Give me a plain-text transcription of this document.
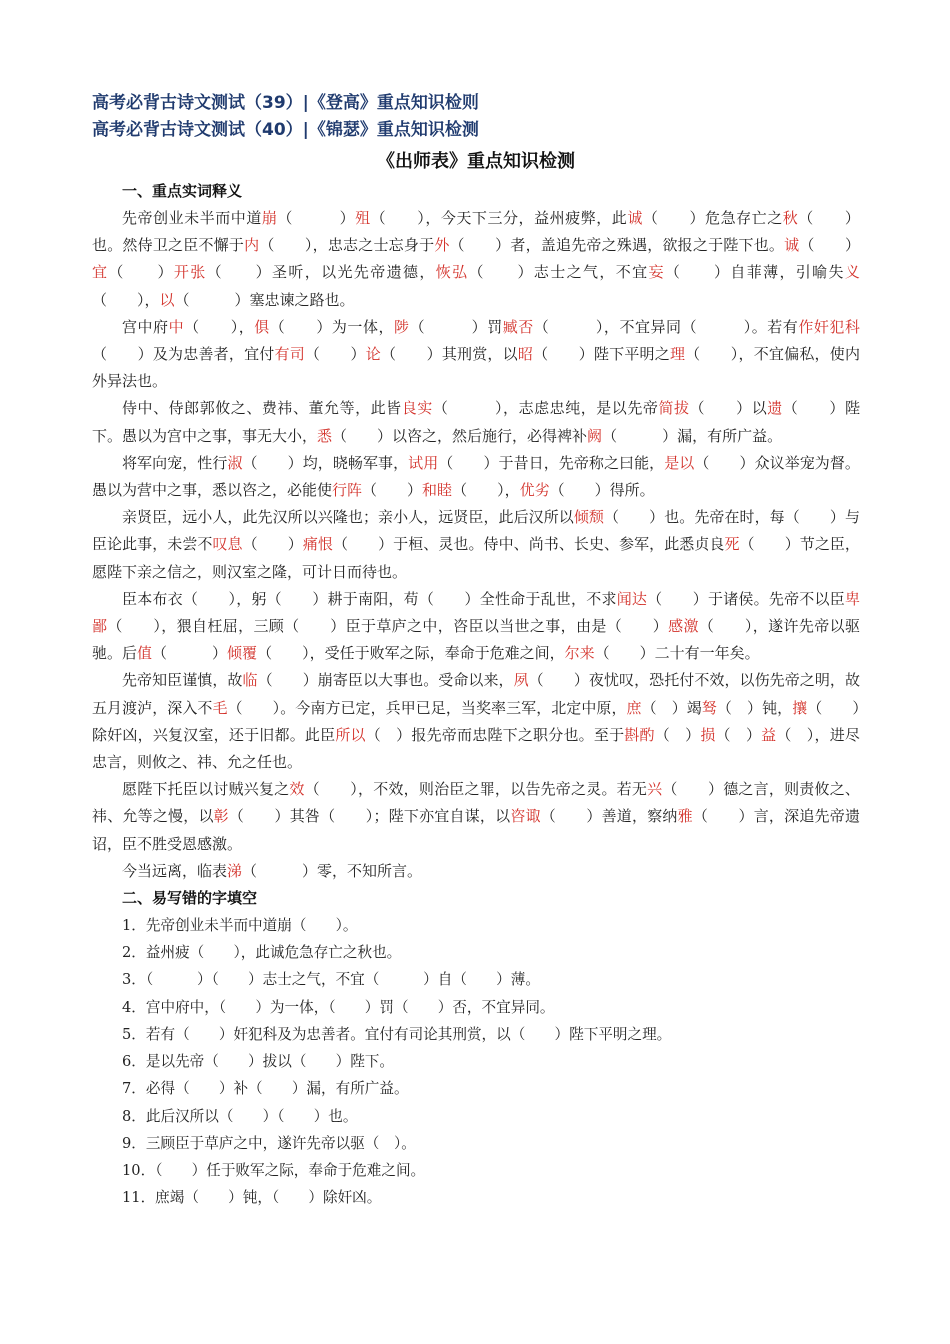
高考必背古诗文测试（39）|《登高》重点知识检则
高考必背古诗文测试（40）|《锦瑟》重点知识检测
《出师表》重点知识检测
一、重点实词释义

先帝创业未半而中道崩（　　　）殂（　　），今天下三分，益州疲弊，此诚（　　）危急存亡之秋（　　）也。然侍卫之臣不懈于内（　　），忠志之士忘身于外（　　）者，盖追先帝之殊遇，欲报之于陛下也。诚（　　）宜（　　）开张（　　）圣听，以光先帝遗德，恢弘（　　）志士之气，不宜妄（　　）自菲薄，引喻失义（　　），以（　　　）塞忠谏之路也。

宫中府中（　　），俱（　　）为一体，陟（　　　）罚臧否（　　　），不宜异同（　　　）。若有作奸犯科（　　）及为忠善者，宜付有司（　　）论（　　）其刑赏，以昭（　　）陛下平明之理（　　），不宜偏私，使内外异法也。

侍中、侍郎郭攸之、费祎、董允等，此皆良实（　　　），志虑忠纯，是以先帝简拔（　　）以遗（　　）陛下。愚以为宫中之事，事无大小，悉（　　）以咨之，然后施行，必得裨补阙（　　　）漏，有所广益。

将军向宠，性行淑（　　）均，晓畅军事，试用（　　）于昔日，先帝称之曰能，是以（　　）众议举宠为督。愚以为营中之事，悉以咨之，必能使行阵（　　）和睦（　　），优劣（　　）得所。

亲贤臣，远小人，此先汉所以兴隆也；亲小人，远贤臣，此后汉所以倾颓（　　）也。先帝在时，每（　　）与臣论此事，未尝不叹息（　　）痛恨（　　）于桓、灵也。侍中、尚书、长史、参军，此悉贞良死（　　）节之臣，愿陛下亲之信之，则汉室之隆，可计日而待也。

臣本布衣（　　），躬（　　）耕于南阳，苟（　　）全性命于乱世，不求闻达（　　）于诸侯。先帝不以臣卑鄙（　　），猥自枉屈，三顾（　　）臣于草庐之中，咨臣以当世之事，由是（　　）感激（　　），遂许先帝以驱驰。后值（　　　）倾覆（　　），受任于败军之际，奉命于危难之间，尔来（　　）二十有一年矣。

先帝知臣谨慎，故临（　　）崩寄臣以大事也。受命以来，夙（　　）夜忧叹，恐托付不效，以伤先帝之明，故五月渡泸，深入不毛（　　）。今南方已定，兵甲已足，当奖率三军，北定中原，庶（　）竭驽（　）钝，攘（　　）除奸凶，兴复汉室，还于旧都。此臣所以（　）报先帝而忠陛下之职分也。至于斟酌（　）损（　）益（　），进尽忠言，则攸之、祎、允之任也。

愿陛下托臣以讨贼兴复之效（　　），不效，则治臣之罪，以告先帝之灵。若无兴（　　）德之言，则责攸之、祎、允等之慢，以彰（　　）其咎（　　）；陛下亦宜自谋，以咨诹（　　）善道，察纳雅（　　）言，深追先帝遗诏，臣不胜受恩感激。

今当远离，临表涕（　　　）零，不知所言。

二、易写错的字填空

1．先帝创业未半而中道崩（　　）。

2．益州疲（　　），此诚危急存亡之秋也。

3．（　　　）（　　）志士之气，不宜（　　　）自（　　）薄。

4．宫中府中，（　　）为一体，（　　）罚（　　）否，不宜异同。

5．若有（　　）奸犯科及为忠善者。宜付有司论其刑赏，以（　　）陛下平明之理。

6．是以先帝（　　）拔以（　　）陛下。

7．必得（　　）补（　　）漏，有所广益。

8．此后汉所以（　　）（　　）也。

9．三顾臣于草庐之中，遂许先帝以驱（　）。

10．（　　）任于败军之际，奉命于危难之间。

11．庶竭（　　）钝，（　　）除奸凶。
